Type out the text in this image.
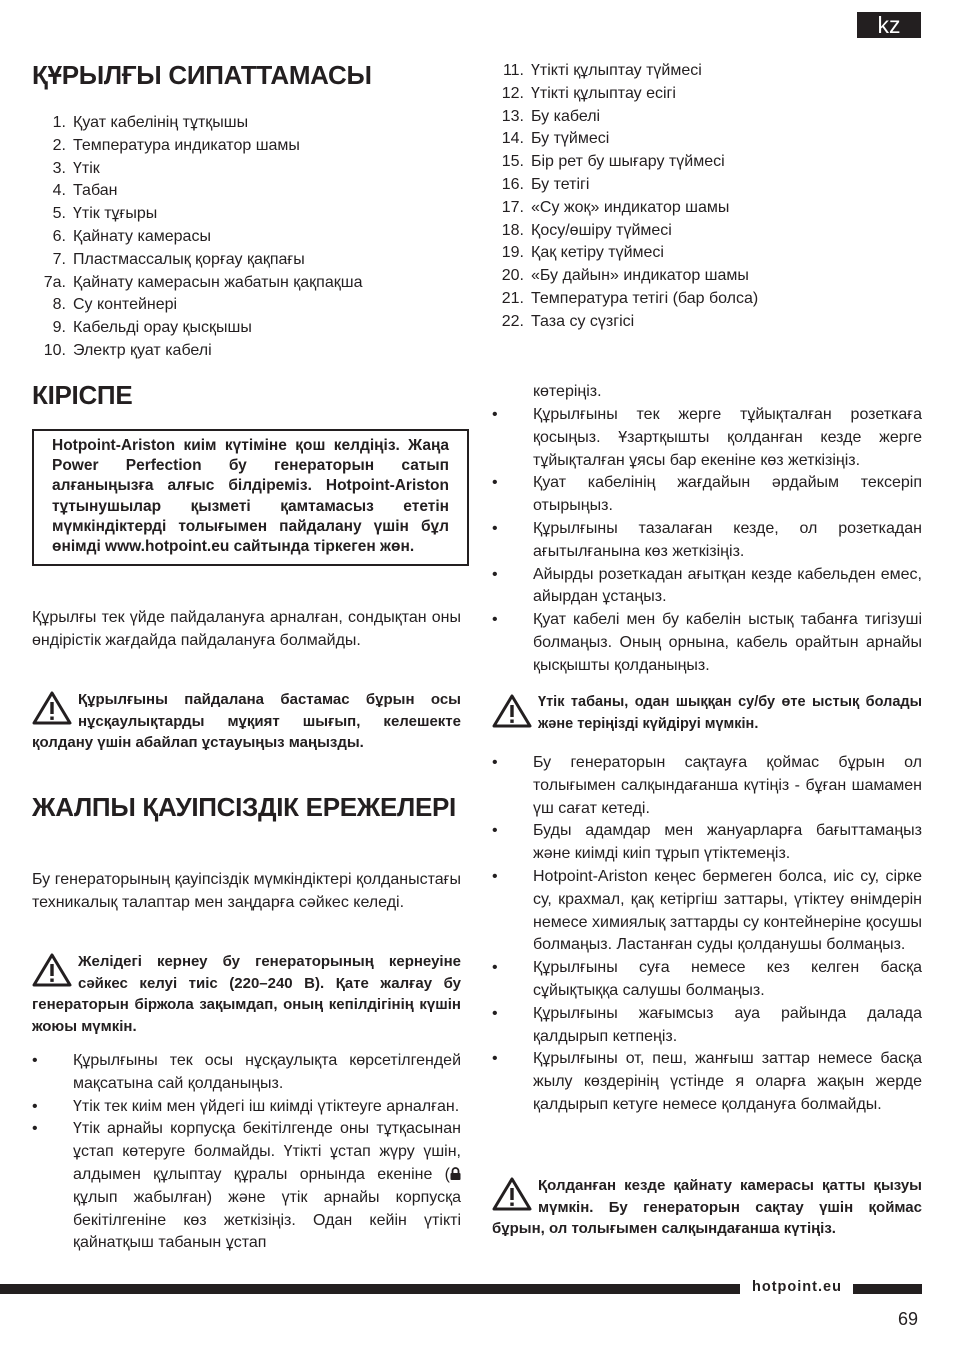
kz
ҚҰРЫЛҒЫ СИПАТТАМАСЫ
1. Қуат кабелінің тұтқышы
2. Температура индикатор шамы
3. Үтік
4. Табан
5. Үтік тұғыры
6. Қайнату камерасы
7. Пластмассалық қорғау қақпағы
7a. Қайнату камерасын жабатын қақпақша
8. Су контейнері
9. Кабельді орау қысқышы
10. Электр қуат кабелі
11. Үтікті құлыптау түймесі
12. Үтікті құлыптау есігі
13. Бу кабелі
14. Бу түймесі
15. Бір рет бу шығару түймесі
16. Бу тетігі
17. «Су жоқ» индикатор шамы
18. Қосу/өшіру түймесі
19. Қақ кетіру түймесі
20. «Бу дайын» индикатор шамы
21. Температура тетігі (бар болса)
22. Таза су сүзгісі
КІРІСПЕ

Hotpoint-Ariston киім күтіміне қош келдіңіз. Жаңа Power Perfection бу генераторын сатып алғаныңызға алғыс білдіреміз. Hotpoint-Ariston тұтынушылар қызметі қамтамасыз ететін мүмкіндіктерді толығымен пайдалану үшін бұл өнімді www.hotpoint.eu сайтында тіркеген жөн.

Құрылғы тек үйде пайдалануға арналған, сондықтан оны өндірістік жағдайда пайдалануға болмайды.

Құрылғыны пайдалана бастамас бұрын осы нұсқаулықтарды мұқият шығып, келешекте қолдану үшін абайлап ұстауыңыз маңызды.
ЖАЛПЫ ҚАУІПСІЗДІК ЕРЕЖЕЛЕРІ

Бу генераторының қауіпсіздік мүмкіндіктері қолданыстағы техникалық талаптар мен заңдарға сәйкес келеді.

Желідегі кернеу бу генераторының кернеуіне сәйкес келуі тиіс (220–240 В). Қате жалғау бу генераторын біржола зақымдап, оның кепілдігінің күшін жоюы мүмкін.
• Құрылғыны тек осы нұсқаулықта көрсетілгендей мақсатына сай қолданыңыз.
• Үтік тек киім мен үйдегі іш киімді үтіктеуге арналған.
• Үтік арнайы корпусқа бекітілгенде оны тұтқасынан ұстап көтеруге болмайды. Үтікті ұстап жүру үшін, алдымен құлыптау құралы орнында екеніне (құлып жабылған) және үтік арнайы корпусқа бекітілгеніне көз жеткізіңіз. Одан кейін үтікті қайнатқыш табанын ұстап
көтеріңіз.
• Құрылғыны тек жерге тұйықталған розеткаға қосыңыз. Ұзартқышты қолданған кезде жерге тұйықталған ұясы бар екеніне көз жеткізіңіз.
• Қуат кабелінің жағдайын әрдайым тексеріп отырыңыз.
• Құрылғыны тазалаған кезде, ол розеткадан ағытылғанына көз жеткізіңіз.
• Айырды розеткадан ағытқан кезде кабельден емес, айырдан ұстаңыз.
• Қуат кабелі мен бу кабелін ыстық табанға тигізуші болмаңыз. Оның орнына, кабель орайтын арнайы қысқышты қолданыңыз.
Үтік табаны, одан шыққан су/бу өте ыстық болады және теріңізді күйдіруі мүмкін.
• Бу генераторын сақтауға қоймас бұрын ол толығымен салқындағанша күтіңіз - бұған шамамен үш сағат кетеді.
• Буды адамдар мен жануарларға бағыттамаңыз және киімді киіп тұрып үтіктемеңіз.
• Hotpoint-Ariston кеңес бермеген болса, иіс су, сірке су, крахмал, қақ кетіргіш заттары, үтіктеу өнімдерін немесе химиялық заттарды су контейнеріне қосушы болмаңыз. Ластанған суды қолданушы болмаңыз.
• Құрылғыны суға немесе кез келген басқа сұйықтыққа салушы болмаңыз.
• Құрылғыны жағымсыз ауа райында далада қалдырып кетпеңіз.
• Құрылғыны от, пеш, жанғыш заттар немесе басқа жылу көздерінің үстінде я оларға жақын жерде қалдырып кетуге немесе қолдануға болмайды.
Қолданған кезде қайнату камерасы қатты қызуы мүмкін. Бу генераторын сақтау үшін қоймас бұрын, ол толығымен салқындағанша күтіңіз.
hotpoint.eu
69
